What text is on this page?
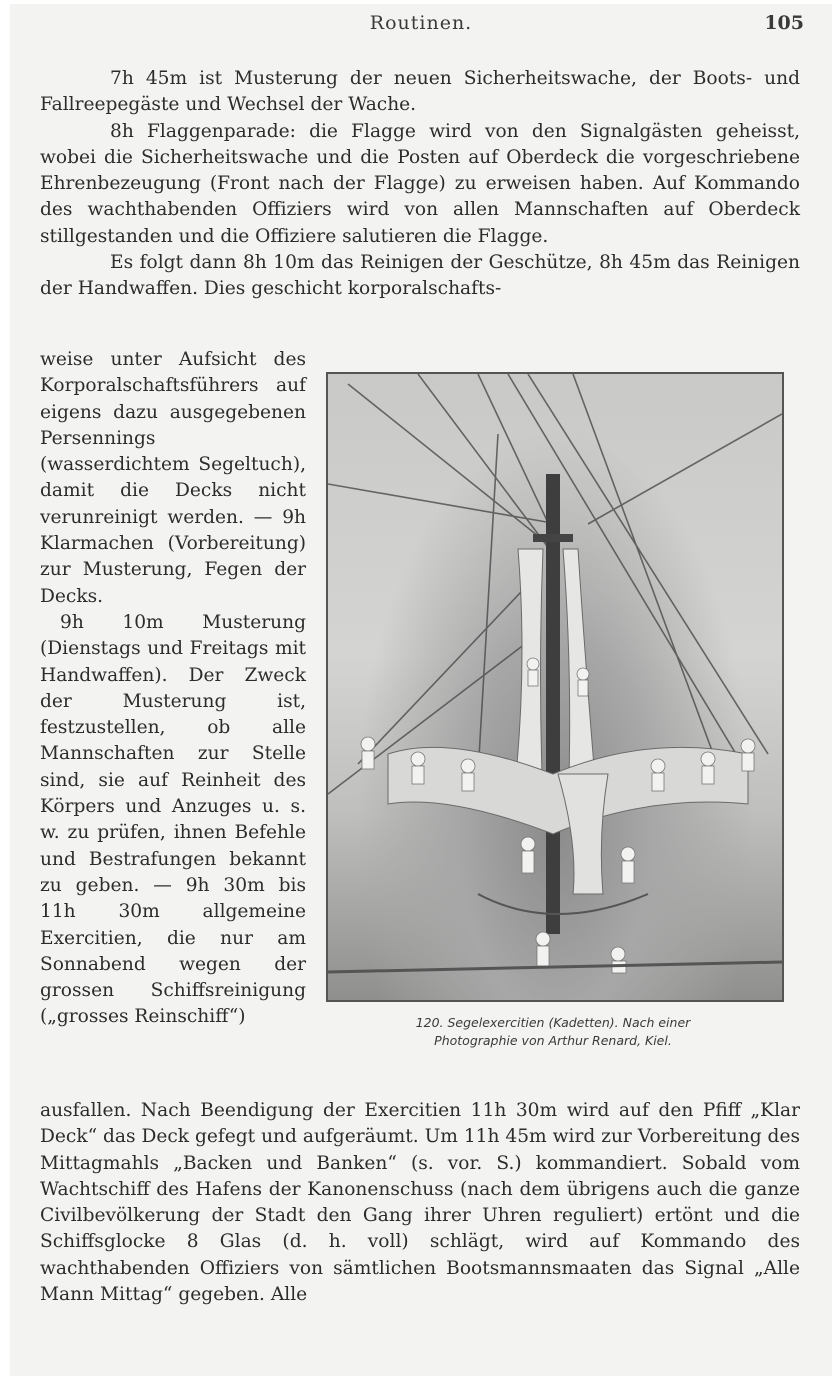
Routinen.	105

7h 45m ist Musterung der neuen Sicherheitswache, der Boots- und Fallreepegäste und Wechsel der Wache.

8h Flaggenparade: die Flagge wird von den Signalgästen geheisst, wobei die Sicherheitswache und die Posten auf Oberdeck die vorgeschriebene Ehrenbezeugung (Front nach der Flagge) zu erweisen haben. Auf Kommando des wachthabenden Offiziers wird von allen Mannschaften auf Oberdeck stillgestanden und die Offiziere salutieren die Flagge.

Es folgt dann 8h 10m das Reinigen der Geschütze, 8h 45m das Reinigen der Handwaffen. Dies geschicht korporalschafts-

weise unter Aufsicht des Korporalschaftsführers auf eigens dazu ausgegebenen Persennings (wasserdichtem Segeltuch), damit die Decks nicht verunreinigt werden. — 9h Klarmachen (Vorbereitung) zur Musterung, Fegen der Decks.

9h 10m Musterung (Dienstags und Freitags mit Handwaffen). Der Zweck der Musterung ist, festzustellen, ob alle Mannschaften zur Stelle sind, sie auf Reinheit des Körpers und Anzuges u. s. w. zu prüfen, ihnen Befehle und Bestrafungen bekannt zu geben. — 9h 30m bis 11h 30m allgemeine Exercitien, die nur am Sonnabend wegen der grossen Schiffsreinigung („grosses Reinschiff“)	120. Segelexercitien (Kadetten). Nach einer
Photographie von Arthur Renard, Kiel.

ausfallen. Nach Beendigung der Exercitien 11h 30m wird auf den Pfiff „Klar Deck“ das Deck gefegt und aufgeräumt. Um 11h 45m wird zur Vorbereitung des Mittagmahls „Backen und Banken“ (s. vor. S.) kommandiert. Sobald vom Wachtschiff des Hafens der Kanonenschuss (nach dem übrigens auch die ganze Civilbevölkerung der Stadt den Gang ihrer Uhren reguliert) ertönt und die Schiffsglocke 8 Glas (d. h. voll) schlägt, wird auf Kommando des wachthabenden Offiziers von sämtlichen Bootsmannsmaaten das Signal „Alle Mann Mittag“ gegeben. Alle
